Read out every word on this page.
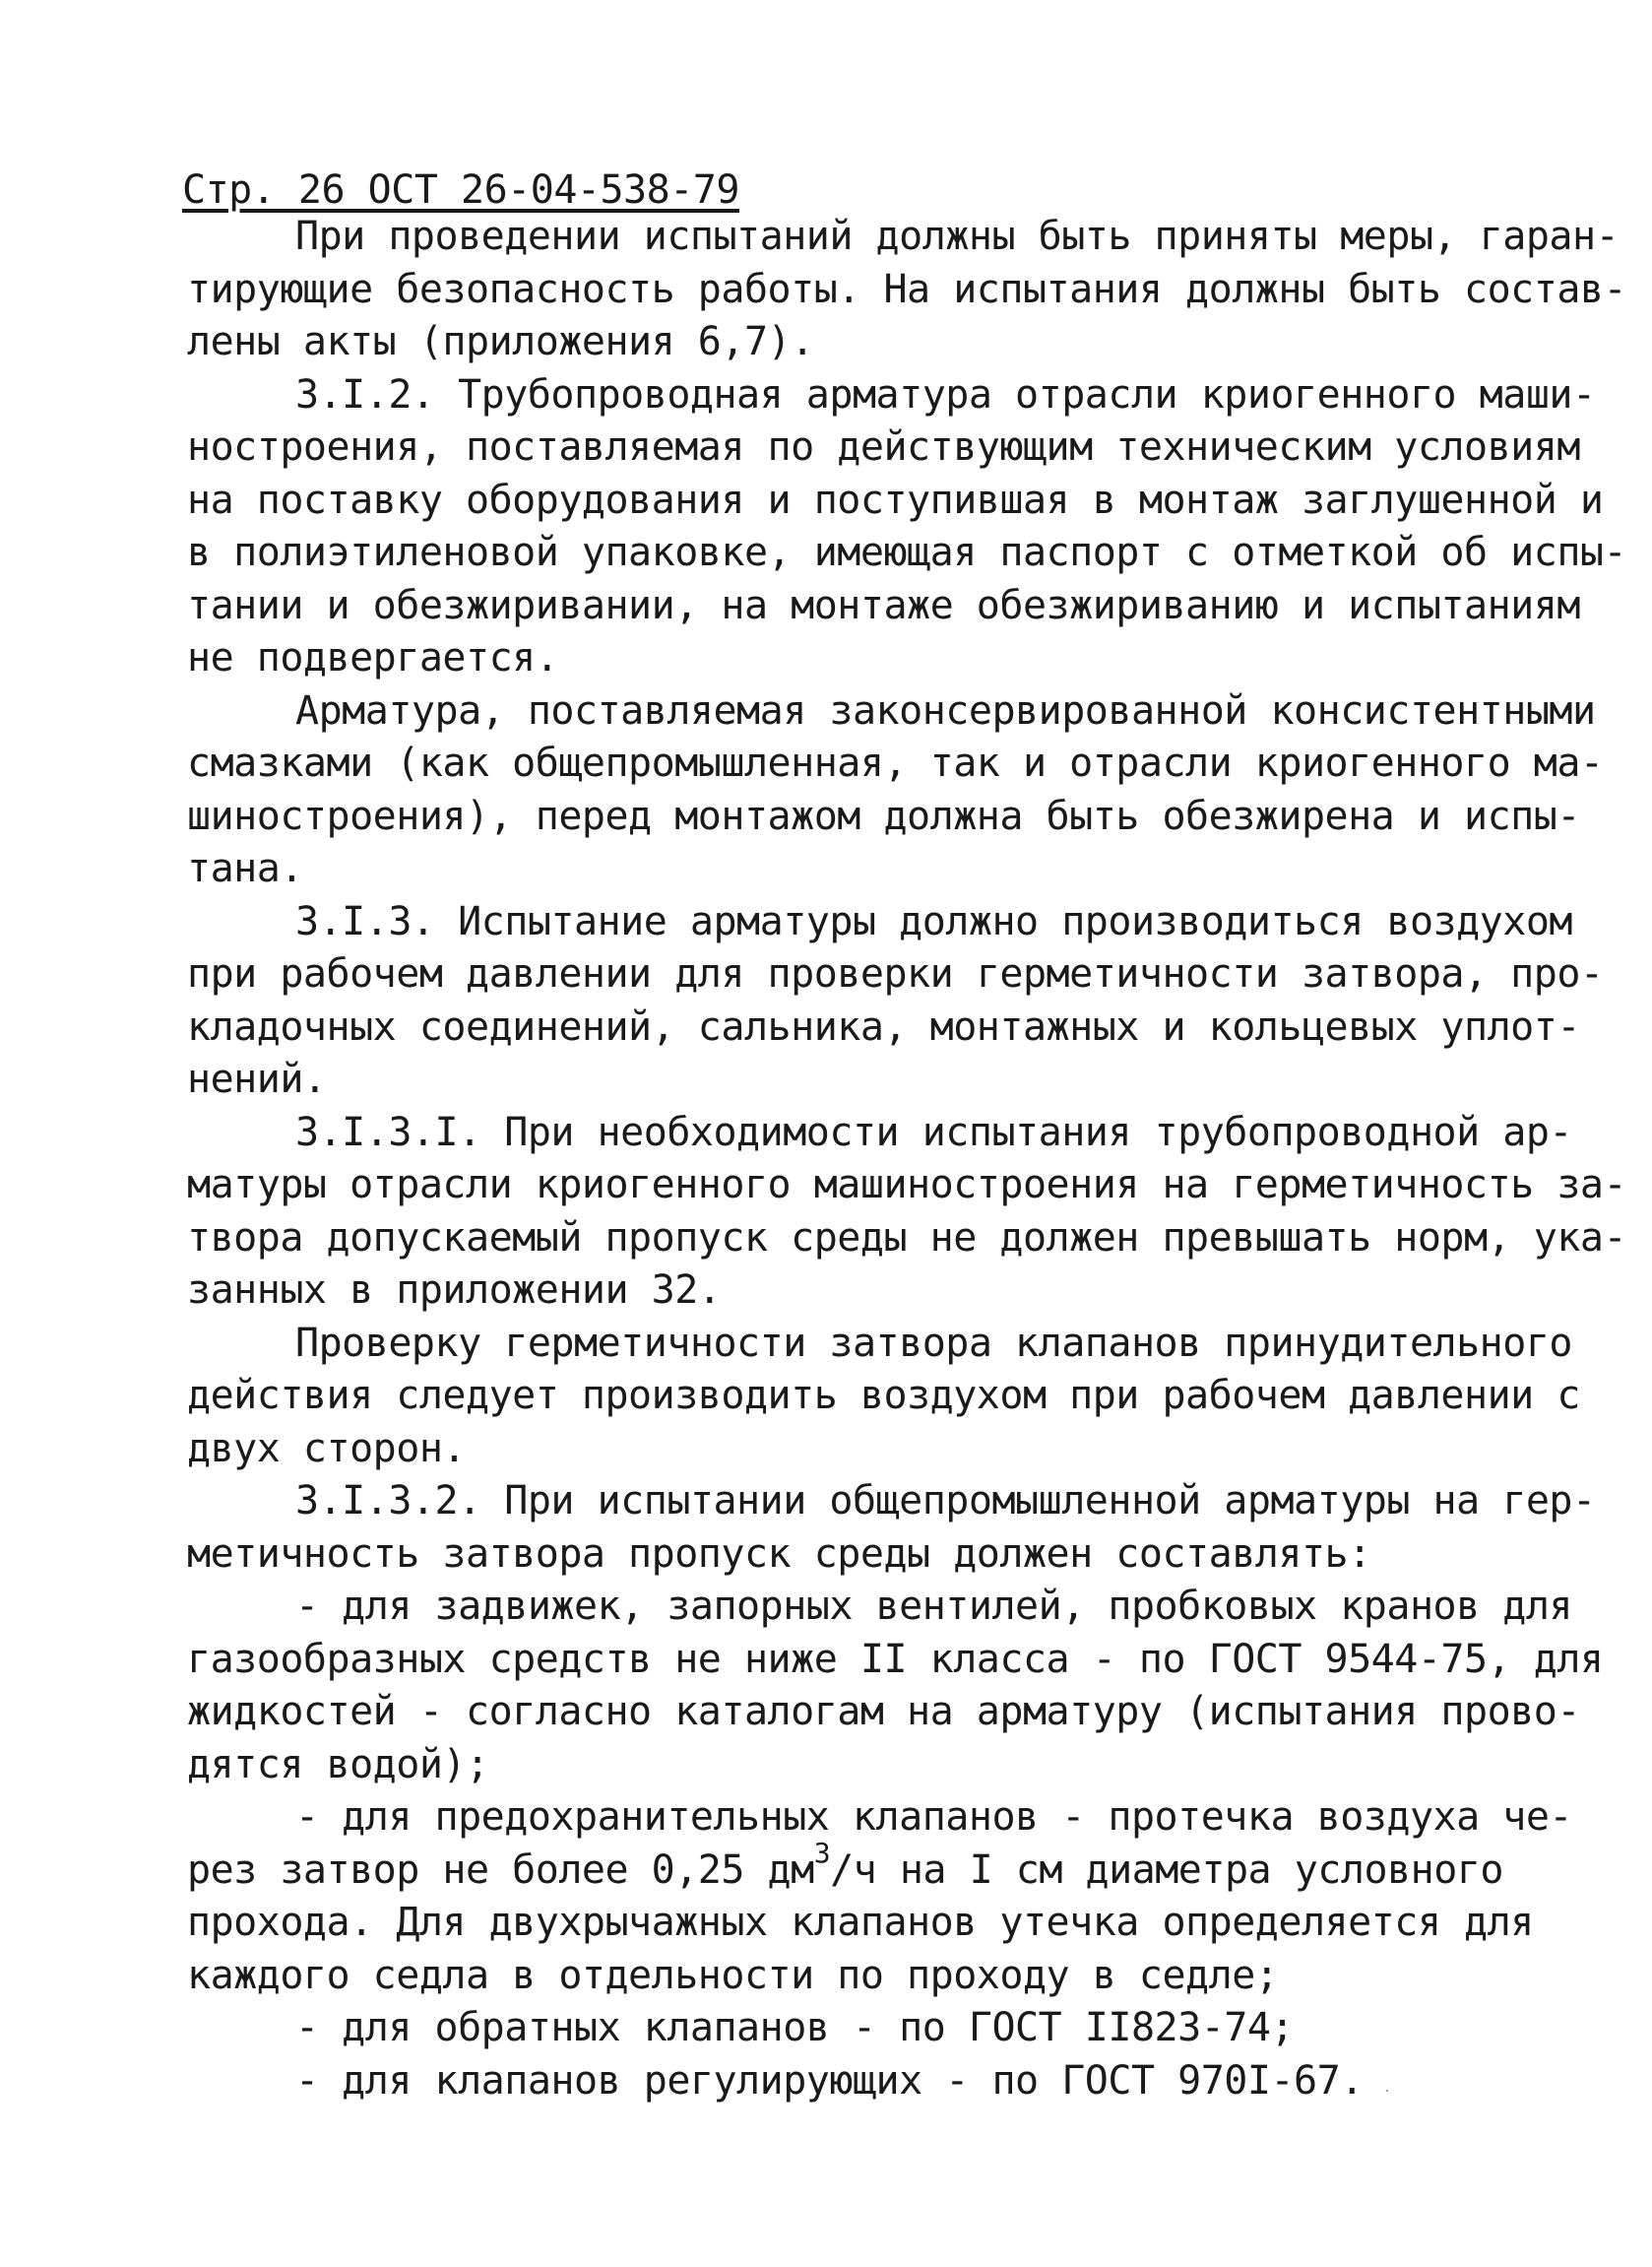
Стр. 26 ОСТ 26-04-538-79
При проведении испытаний должны быть приняты меры, гаран-
тирующие безопасность работы. На испытания должны быть состав-
лены акты (приложения 6,7).
3.I.2. Трубопроводная арматура отрасли криогенного маши-
ностроения, поставляемая по действующим техническим условиям
на поставку оборудования и поступившая в монтаж заглушенной и
в полиэтиленовой упаковке, имеющая паспорт с отметкой об испы-
тании и обезжиривании, на монтаже обезжириванию и испытаниям
не подвергается.
Арматура, поставляемая законсервированной консистентными
смазками (как общепромышленная, так и отрасли криогенного ма-
шиностроения), перед монтажом должна быть обезжирена и испы-
тана.
3.I.3. Испытание арматуры должно производиться воздухом
при рабочем давлении для проверки герметичности затвора, про-
кладочных соединений, сальника, монтажных и кольцевых уплот-
нений.
3.I.3.I. При необходимости испытания трубопроводной ар-
матуры отрасли криогенного машиностроения на герметичность за-
твора допускаемый пропуск среды не должен превышать норм, ука-
занных в приложении 32.
Проверку герметичности затвора клапанов принудительного
действия следует производить воздухом при рабочем давлении с
двух сторон.
3.I.3.2. При испытании общепромышленной арматуры на гер-
метичность затвора пропуск среды должен составлять:
- для задвижек, запорных вентилей, пробковых кранов для
газообразных средств не ниже II класса - по ГОСТ 9544-75, для
жидкостей - согласно каталогам на арматуру (испытания прово-
дятся водой);
- для предохранительных клапанов - протечка воздуха че-
рез затвор не более 0,25 $дм^3/ч$ на I см диаметра условного
прохода. Для двухрычажных клапанов утечка определяется для
каждого седла в отдельности по проходу в седле;
- для обратных клапанов - по ГОСТ II823-74;
- для клапанов регулирующих - по ГОСТ 970I-67.
